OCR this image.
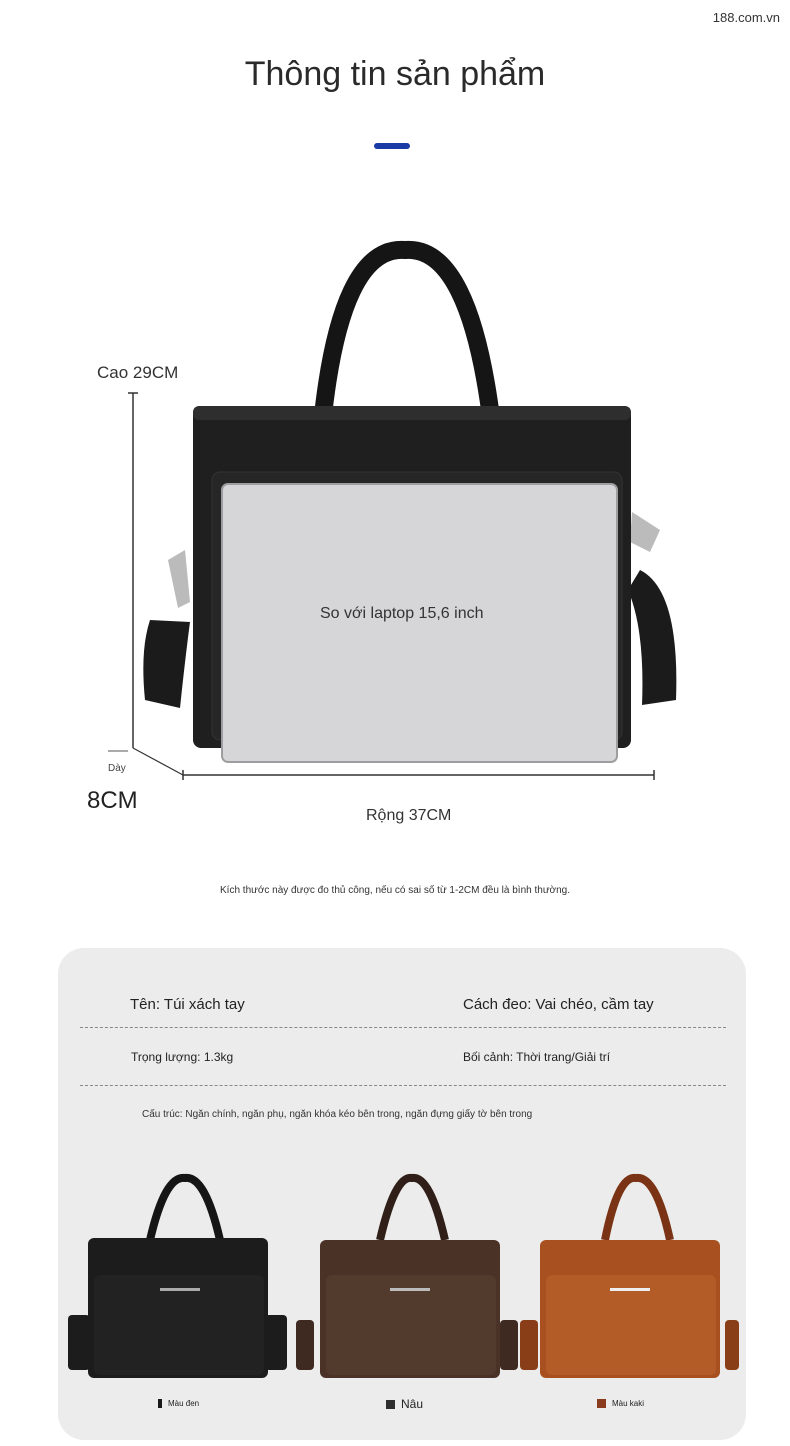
188.com.vn
Thông tin sản phẩm
Cao 29CM
So với laptop 15,6 inch
Dày
8CM
Rộng 37CM
Kích thước này được đo thủ công, nếu có sai số từ 1-2CM đều là bình thường.
Tên: Túi xách tay	Cách đeo: Vai chéo, cầm tay
Trọng lượng: 1.3kg	Bối cảnh: Thời trang/Giải trí
Cấu trúc: Ngăn chính, ngăn phụ, ngăn khóa kéo bên trong, ngăn đựng giấy tờ bên trong
Màu đen	Nâu	Màu kaki
